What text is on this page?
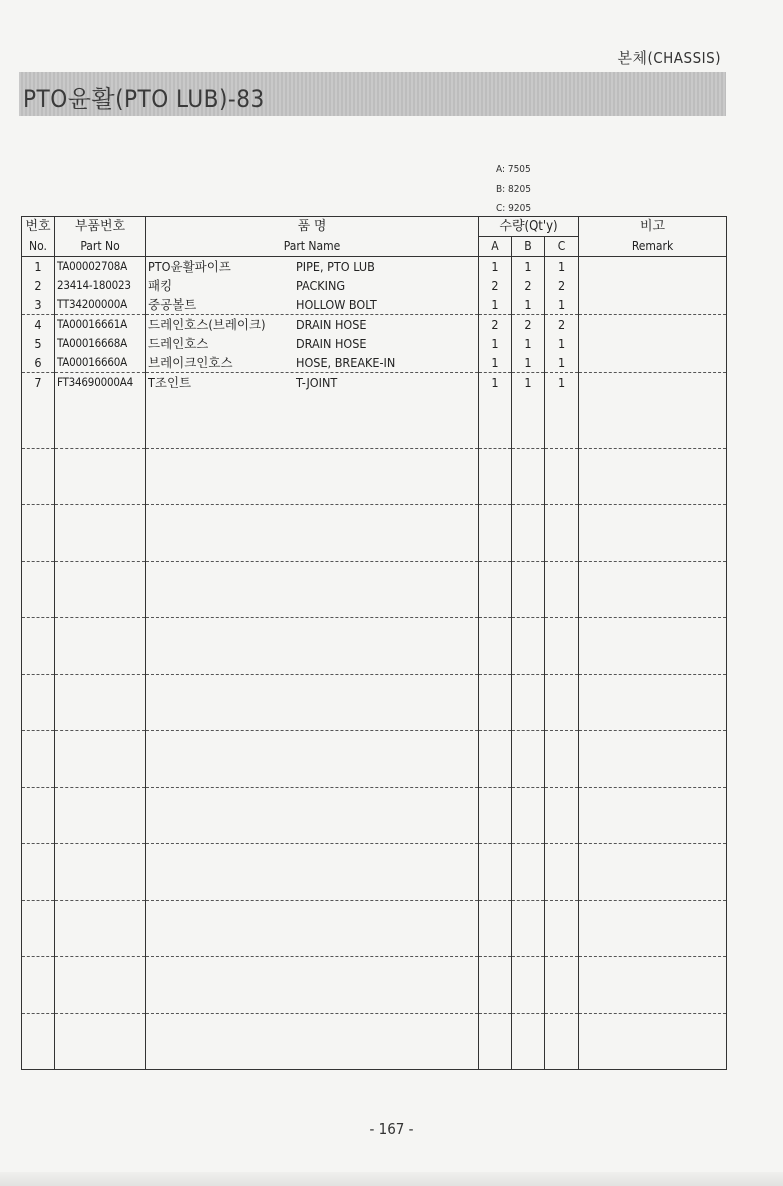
본체(CHASSIS)
PTO윤활(PTO LUB)-83
A: 7505
B: 8205
C: 9205
번호	부품번호	품 명	수량(Qt'y)			비고
No.	Part No	Part Name	A	B	C	Remark
1	TA00002708A	PTO윤활파이프 PIPE, PTO LUB	1	1	1	
2	23414-180023	패킹 PACKING	2	2	2	
3	TT34200000A	중공볼트 HOLLOW BOLT	1	1	1	
4	TA00016661A	드레인호스(브레이크) DRAIN HOSE	2	2	2	
5	TA00016668A	드레인호스 DRAIN HOSE	1	1	1	
6	TA00016660A	브레이크인호스 HOSE, BREAKE-IN	1	1	1	
7	FT34690000A4	T조인트 T-JOINT	1	1	1	

- 167 -
